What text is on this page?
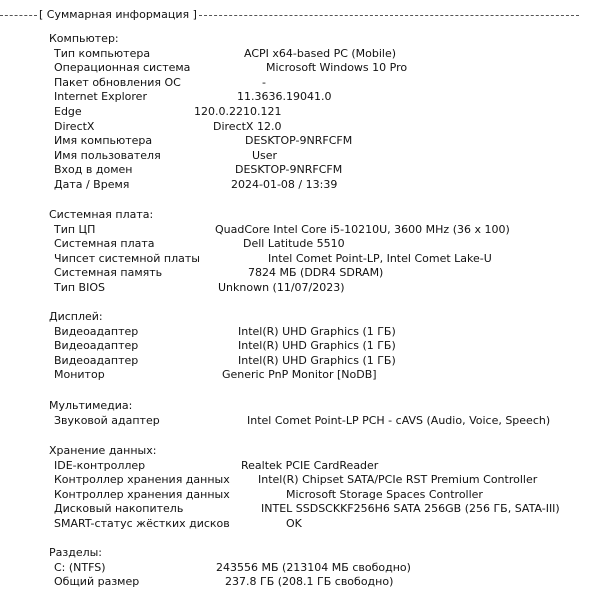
[ Суммарная информация ]
Компьютер:
Тип компьютера	ACPI x64-based PC (Mobile)
Операционная система	Microsoft Windows 10 Pro
Пакет обновления ОС	-
Internet Explorer	11.3636.19041.0
Edge	120.0.2210.121
DirectX	DirectX 12.0
Имя компьютера	DESKTOP-9NRFCFM
Имя пользователя	User
Вход в домен	DESKTOP-9NRFCFM
Дата / Время	2024-01-08 / 13:39
Системная плата:
Тип ЦП	QuadCore Intel Core i5-10210U, 3600 MHz (36 x 100)
Системная плата	Dell Latitude 5510
Чипсет системной платы	Intel Comet Point-LP, Intel Comet Lake-U
Системная память	7824 МБ (DDR4 SDRAM)
Тип BIOS	Unknown (11/07/2023)
Дисплей:
Видеоадаптер	Intel(R) UHD Graphics (1 ГБ)
Видеоадаптер	Intel(R) UHD Graphics (1 ГБ)
Видеоадаптер	Intel(R) UHD Graphics (1 ГБ)
Монитор	Generic PnP Monitor [NoDB]
Мультимедиа:
Звуковой адаптер	Intel Comet Point-LP PCH - cAVS (Audio, Voice, Speech)
Хранение данных:
IDE-контроллер	Realtek PCIE CardReader
Контроллер хранения данных	Intel(R) Chipset SATA/PCIe RST Premium Controller
Контроллер хранения данных	Microsoft Storage Spaces Controller
Дисковый накопитель	INTEL SSDSCKKF256H6 SATA 256GB (256 ГБ, SATA-III)
SMART-статус жёстких дисков	OK
Разделы:
C: (NTFS)	243556 МБ (213104 МБ свободно)
Общий размер	237.8 ГБ (208.1 ГБ свободно)
